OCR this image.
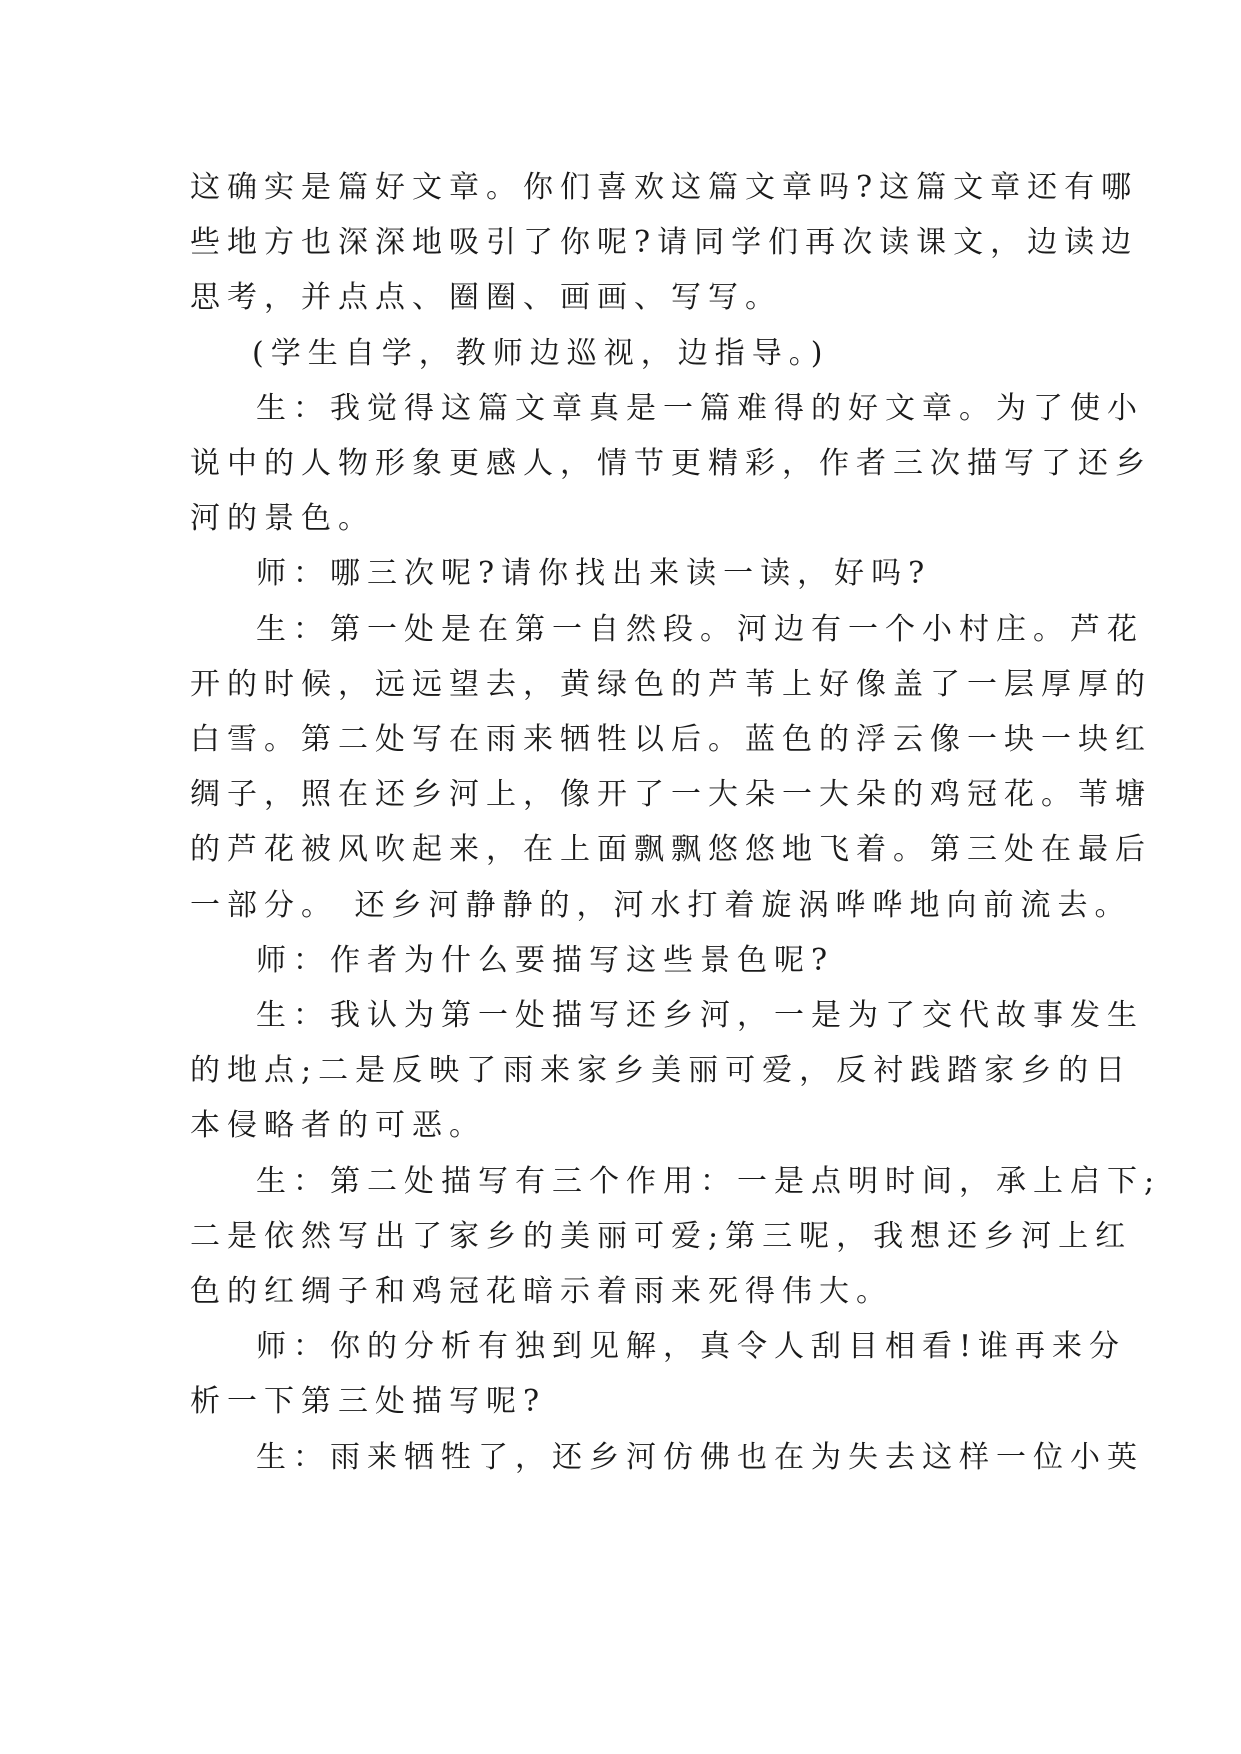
这确实是篇好文章。你们喜欢这篇文章吗?这篇文章还有哪
些地方也深深地吸引了你呢?请同学们再次读课文，边读边
思考，并点点、圈圈、画画、写写。
(学生自学，教师边巡视，边指导。)
生：我觉得这篇文章真是一篇难得的好文章。为了使小
说中的人物形象更感人，情节更精彩，作者三次描写了还乡
河的景色。
师：哪三次呢?请你找出来读一读，好吗?
生：第一处是在第一自然段。河边有一个小村庄。芦花
开的时候，远远望去，黄绿色的芦苇上好像盖了一层厚厚的
白雪。第二处写在雨来牺牲以后。蓝色的浮云像一块一块红
绸子，照在还乡河上，像开了一大朵一大朵的鸡冠花。苇塘
的芦花被风吹起来，在上面飘飘悠悠地飞着。第三处在最后
一部分。 还乡河静静的，河水打着旋涡哗哗地向前流去。
师：作者为什么要描写这些景色呢?
生：我认为第一处描写还乡河，一是为了交代故事发生
的地点;二是反映了雨来家乡美丽可爱，反衬践踏家乡的日
本侵略者的可恶。
生：第二处描写有三个作用：一是点明时间，承上启下;
二是依然写出了家乡的美丽可爱;第三呢，我想还乡河上红
色的红绸子和鸡冠花暗示着雨来死得伟大。
师：你的分析有独到见解，真令人刮目相看!谁再来分
析一下第三处描写呢?
生：雨来牺牲了，还乡河仿佛也在为失去这样一位小英
